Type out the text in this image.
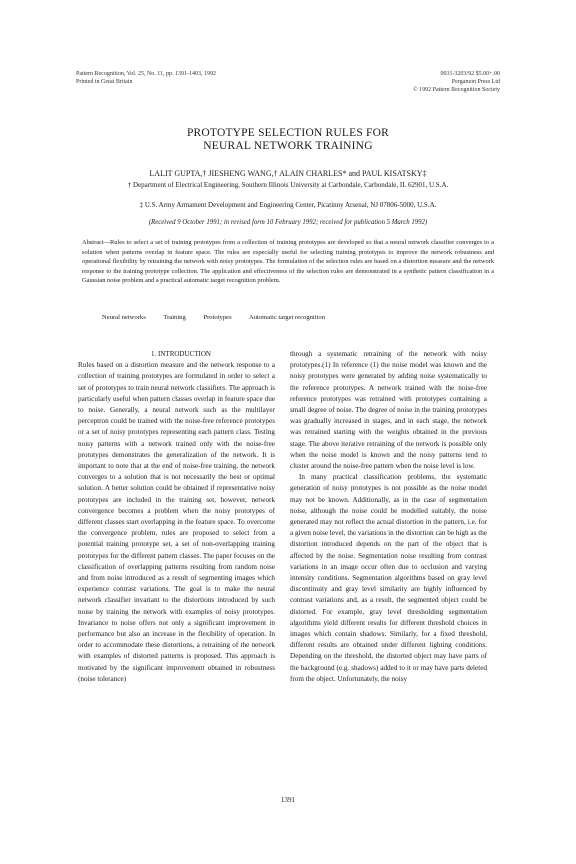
Pattern Recognition, Vol. 25, No. 11, pp. 1391-1403, 1992
Printed in Great Britain
0031-3203/92 $5.00+.00
Pergamon Press Ltd
© 1992 Pattern Recognition Society
PROTOTYPE SELECTION RULES FOR
NEURAL NETWORK TRAINING
LALIT GUPTA,† JIESHENG WANG,† ALAIN CHARLES* and PAUL KISATSKY‡
† Department of Electrical Engineering, Southern Illinois University at Carbondale, Carbondale, IL 62901, U.S.A.
‡ U.S. Army Armament Development and Engineering Center, Picatinny Arsenal, NJ 07806-5000, U.S.A.
(Received 9 October 1991; in revised form 10 February 1992; received for publication 5 March 1992)
Abstract—Rules to select a set of training prototypes from a collection of training prototypes are developed so that a neural network classifier converges to a solution when patterns overlap in feature space. The rules are especially useful for selecting training prototypes to improve the network robustness and operational flexibility by retraining the network with noisy prototypes. The formulation of the selection rules are based on a distortion measure and the network response to the training prototype collection. The application and effectiveness of the selection rules are demonstrated in a synthetic pattern classification in a Gaussian noise problem and a practical automatic target recognition problem.
Neural networks	Training	Prototypes	Automatic target recognition

1. INTRODUCTION

Rules based on a distortion measure and the network response to a collection of training prototypes are formulated in order to select a set of prototypes to train neural network classifiers. The approach is particularly useful when pattern classes overlap in feature space due to noise. Generally, a neural network such as the multilayer perceptron could be trained with the noise-free reference prototypes or a set of noisy prototypes representing each pattern class. Testing noisy patterns with a network trained only with the noise-free prototypes demonstrates the generalization of the network. It is important to note that at the end of noise-free training, the network converges to a solution that is not necessarily the best or optimal solution. A better solution could be obtained if representative noisy prototypes are included in the training set, however, network convergence becomes a problem when the noisy prototypes of different classes start overlapping in the feature space. To overcome the convergence problem, rules are proposed to select from a potential training prototype set, a set of non-overlapping training prototypes for the different pattern classes. The paper focuses on the classification of overlapping patterns resulting from random noise and from noise introduced as a result of segmenting images which experience contrast variations. The goal is to make the neural network classifier invariant to the distortions introduced by such noise by training the network with examples of noisy prototypes. Invariance to noise offers not only a significant improvement in performance but also an increase in the flexibility of operation. In order to accommodate these distortions, a retraining of the network with examples of distorted patterns is proposed. This approach is motivated by the significant improvement obtained in robustness (noise tolerance)

through a systematic retraining of the network with noisy prototypes.(1) In reference (1) the noise model was known and the noisy prototypes were generated by adding noise systematically to the reference prototypes. A network trained with the noise-free reference prototypes was retrained with prototypes containing a small degree of noise. The degree of noise in the training prototypes was gradually increased in stages, and in each stage, the network was retrained starting with the weights obtained in the previous stage. The above iterative retraining of the network is possible only when the noise model is known and the noisy patterns tend to cluster around the noise-free pattern when the noise level is low.

In many practical classification problems, the systematic generation of noisy prototypes is not possible as the noise model may not be known. Additionally, as in the case of segmentation noise, although the noise could be modelled suitably, the noise generated may not reflect the actual distortion in the pattern, i.e. for a given noise level, the variations in the distortion can be high as the distortion introduced depends on the part of the object that is affected by the noise. Segmentation noise resulting from contrast variations in an image occur often due to occlusion and varying intensity conditions. Segmentation algorithms based on gray level discontinuity and gray level similarity are highly influenced by contrast variations and, as a result, the segmented object could be distorted. For example, gray level thresholding segmentation algorithms yield different results for different threshold choices in images which contain shadows. Similarly, for a fixed threshold, different results are obtained under different lighting conditions. Depending on the threshold, the distorted object may have parts of the background (e.g. shadows) added to it or may have parts deleted from the object. Unfortunately, the noisy

1391
